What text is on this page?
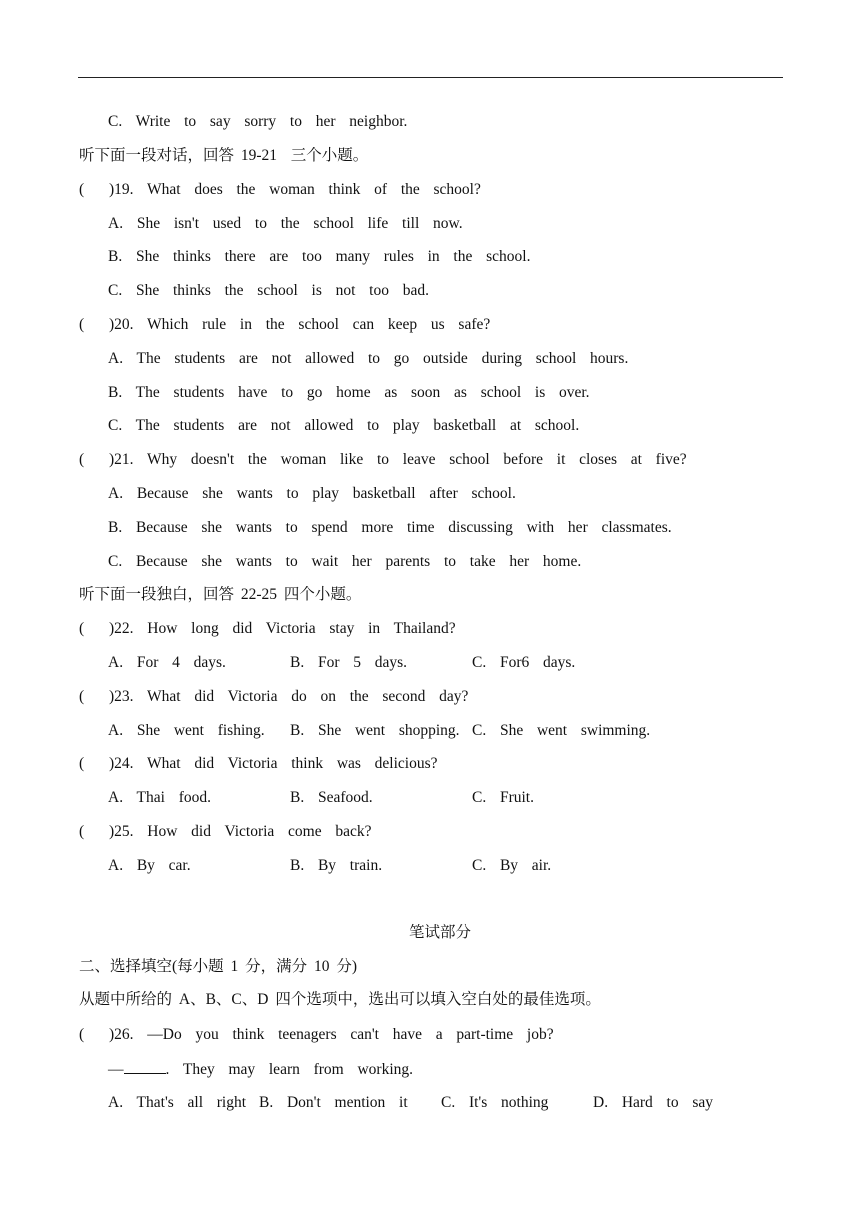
C.  Write  to  say  sorry  to  her  neighbor.
听下面一段对话，回答 19-21  三个小题。
( )19.  What  does  the  woman  think  of  the  school?
A.  She  isn't  used  to  the  school  life  till  now.
B.  She  thinks  there  are  too  many  rules  in  the  school.
C.  She  thinks  the  school  is  not  too  bad.
( )20.  Which  rule  in  the  school  can  keep  us  safe?
A.  The  students  are  not  allowed  to  go  outside  during  school  hours.
B.  The  students  have  to  go  home  as  soon  as  school  is  over.
C.  The  students  are  not  allowed  to  play  basketball  at  school.
( )21.  Why  doesn't  the  woman  like  to  leave  school  before  it  closes  at  five?
A.  Because  she  wants  to  play  basketball  after  school.
B.  Because  she  wants  to  spend  more  time  discussing  with  her  classmates.
C.  Because  she  wants  to  wait  her  parents  to  take  her  home.
听下面一段独白，回答 22-25 四个小题。
( )22.  How  long  did  Victoria  stay  in  Thailand?
A.  For  4  days.	B.  For  5  days.	C.  For6  days.
( )23.  What  did  Victoria  do  on  the  second  day?
A.  She  went  fishing. B.  She  went  shopping. C.  She  went  swimming.
( )24.  What  did  Victoria  think  was  delicious?
A.  Thai  food.	B.  Seafood.	C.  Fruit.
( )25.  How  did  Victoria  come  back?
A.  By  car.	B.  By  train.	C.  By  air.
笔试部分
二、选择填空(每小题 1 分，满分 10 分)
从题中所给的 A、B、C、D 四个选项中，选出可以填入空白处的最佳选项。
( )26.  —Do  you  think  teenagers  can't  have  a  part-time  job?
—	.  They  may  learn  from  working.
A.  That's  all  right B.  Don't  mention  it C.  It's  nothing	D.  Hard  to  say
